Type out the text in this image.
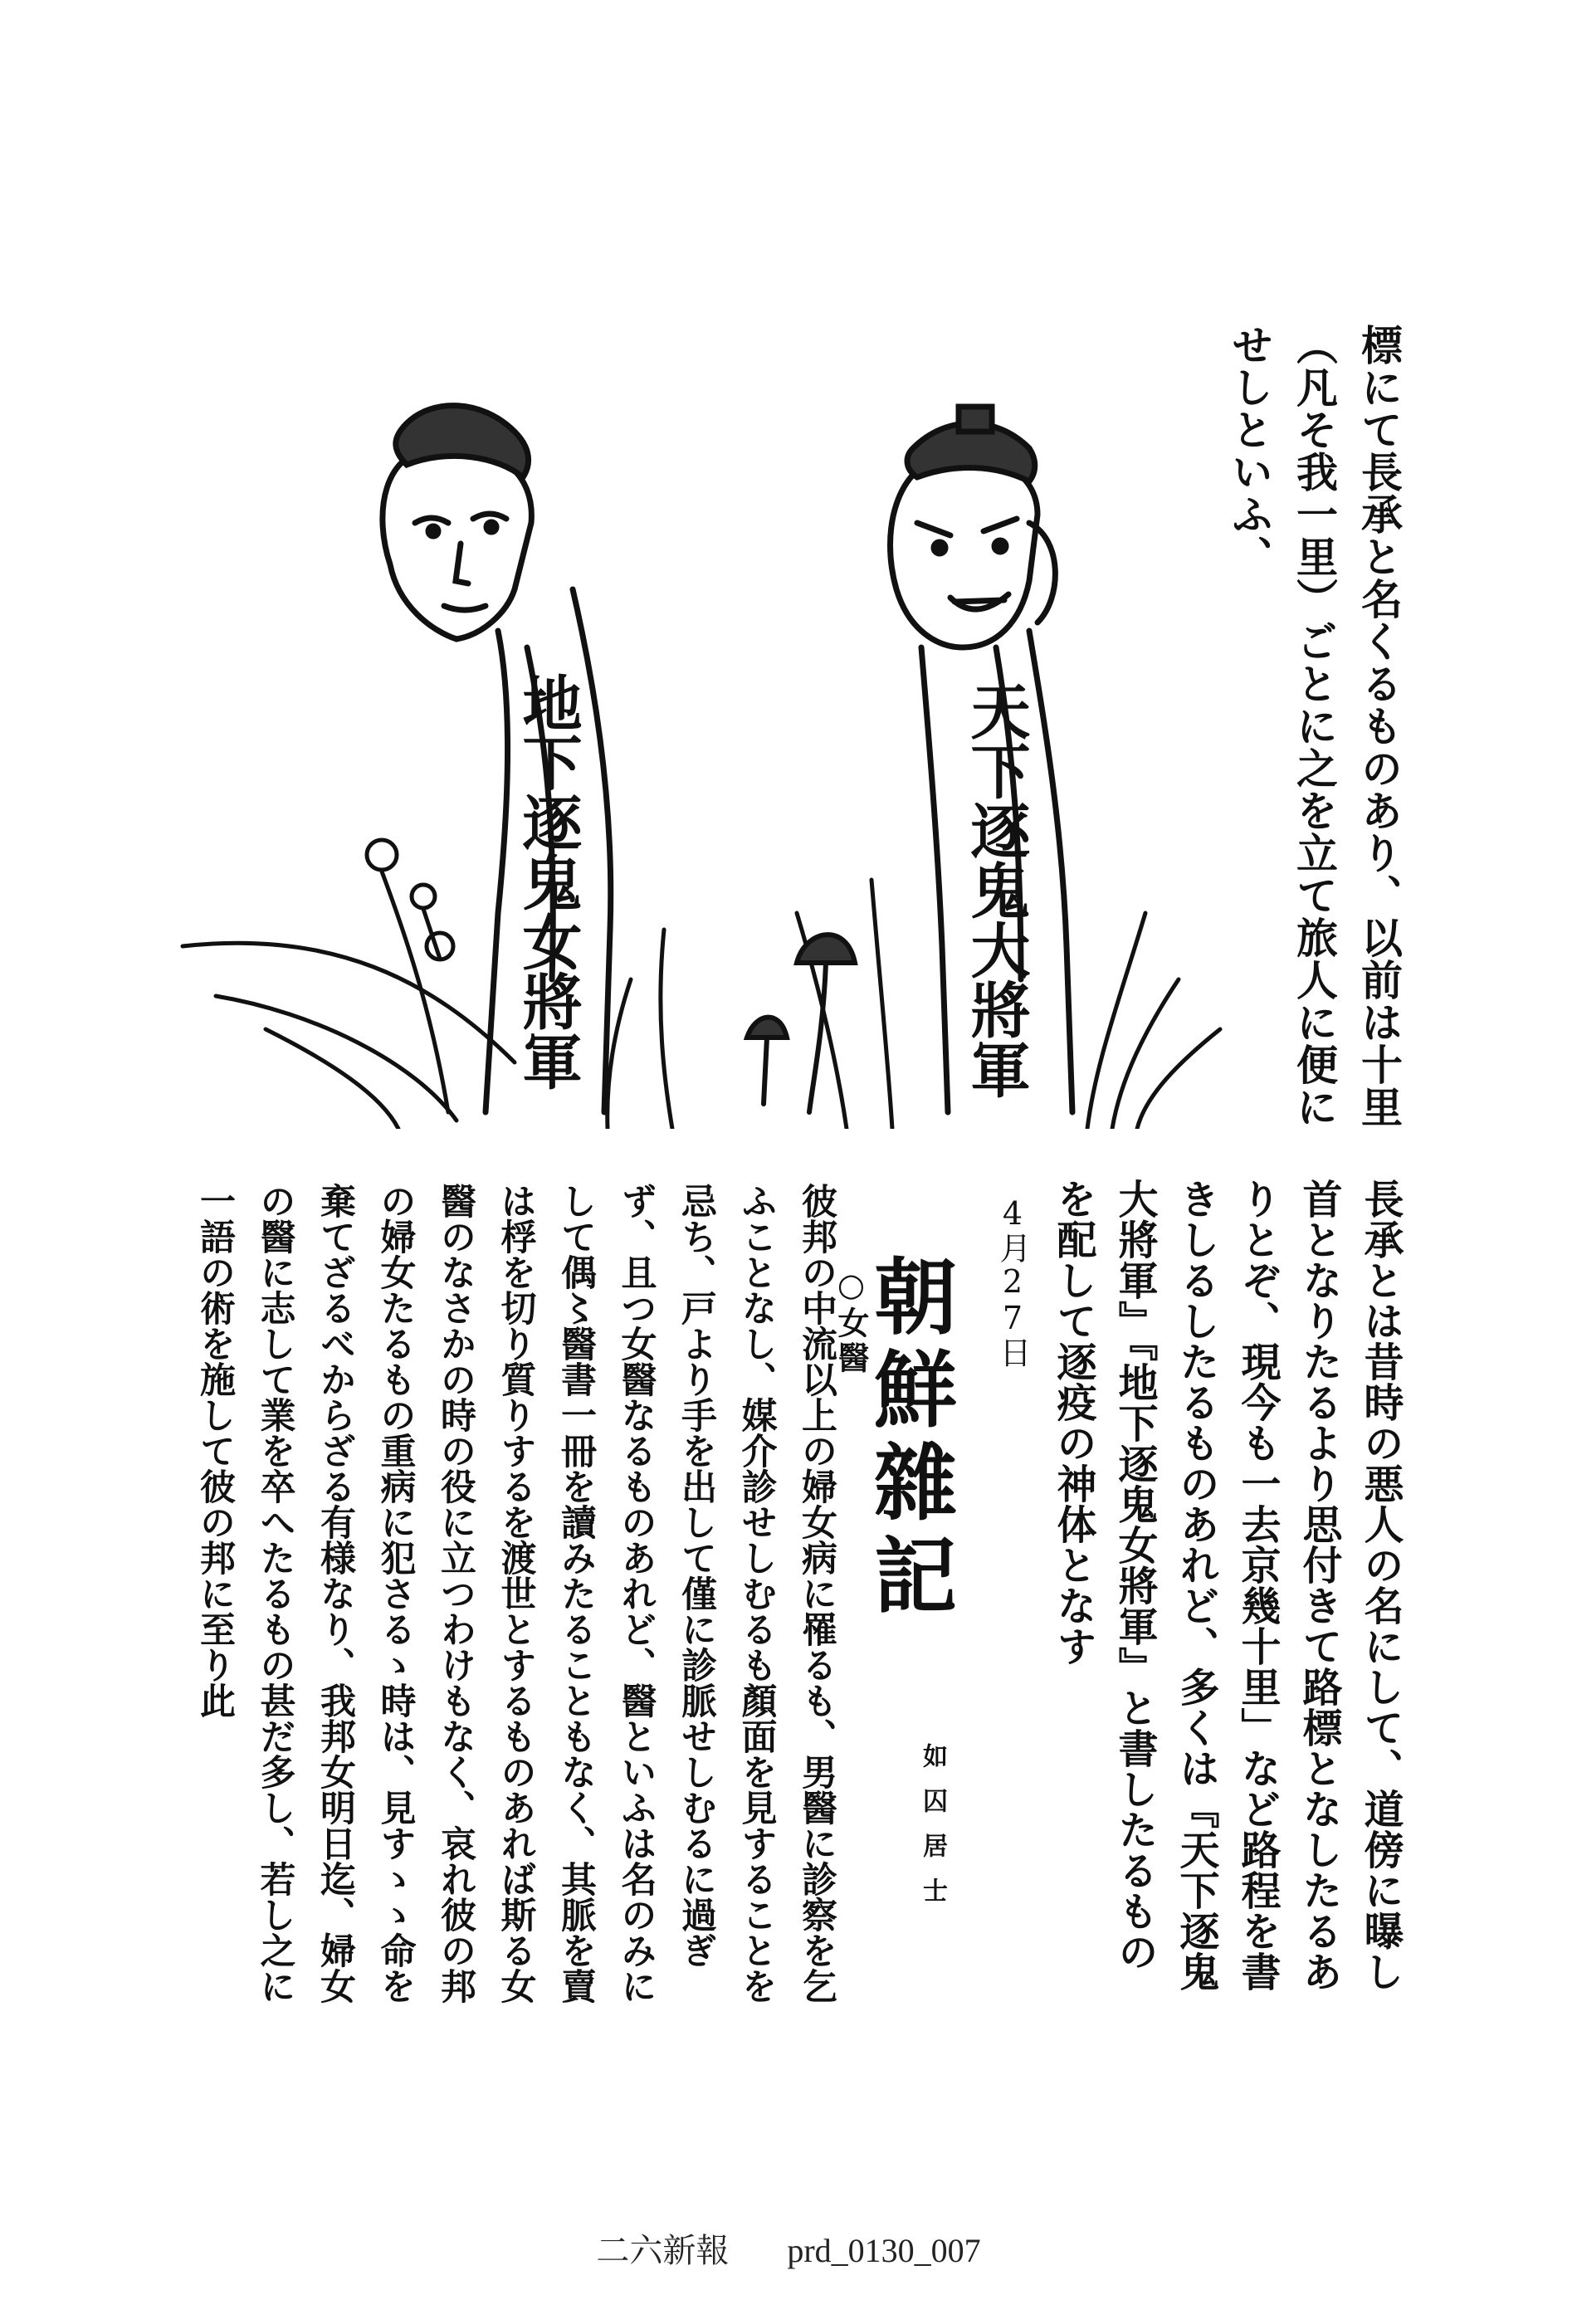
標にて長承と名くるものあり、以前は十里（凡そ我一里）ごとに之を立て旅人に便にせしといふ、
天下逐鬼大將軍
地下逐鬼女將軍
長承とは昔時の悪人の名にして、道傍に曝し首となりたるより思付きて路標となしたるありとぞ、現今も一去京幾十里」など路程を書きしるしたるものあれど、多くは『天下逐鬼大將軍』『地下逐鬼女將軍』と書したるものを配して逐疫の神体となす
4月27日
朝鮮雜記
如囚居士
○女醫
彼邦の中流以上の婦女病に罹るも、男醫に診察を乞ふことなし、媒介診せしむるも顏面を見することを忌ち、戸より手を出して僅に診脈せしむるに過ぎず、且つ女醫なるものあれど、醫といふは名のみにして偶〻醫書一冊を讀みたることもなく、其脈を賣は桴を切り質りするを渡世とするものあれば斯る女醫のなさかの時の役に立つわけもなく、哀れ彼の邦の婦女たるもの重病に犯さるゝ時は、見すゝゝ命を棄てざるべからざる有様なり、我邦女明日迄、婦女の醫に志して業を卒へたるもの甚だ多し、若し之に一語の術を施して彼の邦に至り此
二六新報 prd_0130_007
